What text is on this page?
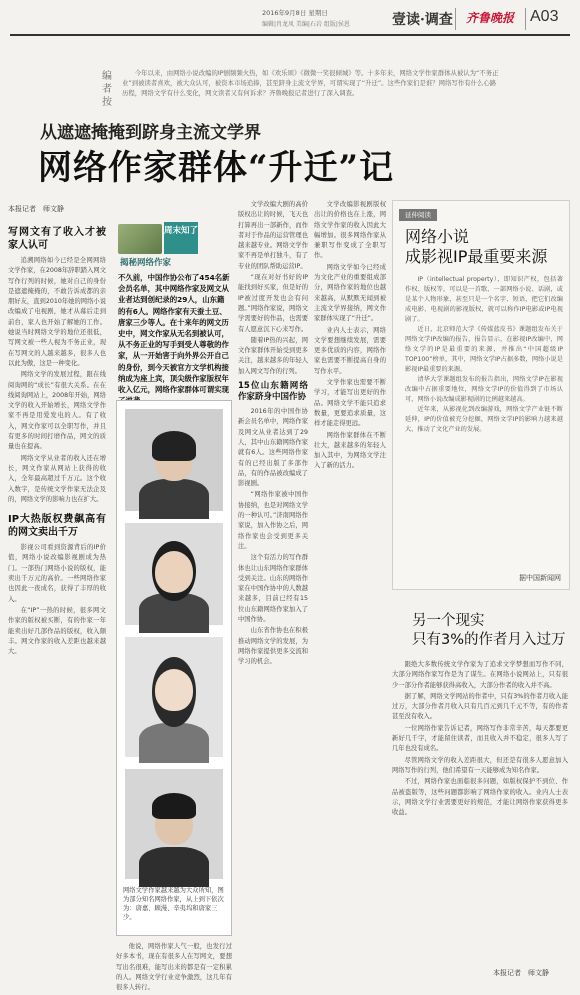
2016年9月8日 星期日
编辑|肖龙凤 美编|石岩 组版|侯恩	壹读·调查 齐鲁晚报 A03
编者按
今年以来，由网络小说改编的IP剧频频火热，如《欢乐颂》《微微一笑很倾城》等。十多年来，网络文学作家群体从被认为“不务正业”到被读者喜欢，被大众认可，被资本市场追捧，甚至跻身主流文学界，可谓实现了“升迁”。这些作家们是谁？网络写作有什么心路历程，网络文学有什么变化，网文读者又有何诉求？齐鲁晚报记者进行了深入调查。
从遮遮掩掩到跻身主流文学界
网络作家群体“升迁”记
本报记者　师文静
写网文有了收入才被家人认可

追溯网络如今已经是全网网络文学作家，在2008年辞职踏入网文写作行列的时候，她对自己的身份是遮遮掩掩的，不敢告诉成都的亲朋好友，直到2010年她的网络小说改编成了电视剧，她才从幕后走到前台，家人也开始了解她的工作。她说当时网络文学的地位还很低，写网文被一些人视为不务正业，现在写网文的人越来越多，很多人也以此为傲，这是一种变化。

网络文学的发展过程，跟在线阅询网的“成长”有很大关系。在在线阅询网站上，2008年开始，网络文学的收入开始增长，网络文学作家不再是用爱发电的人。有了收入，网文作家可以全职写作，并且有更多的时间打磨作品，网文的质量也在提高。

网络文学从业者的收入还在增长，网文作家从网站上获得的收入，全年最高超过千万元。这个收入数字，是传统文学作家无法企及的，网络文学的影响力也在扩大。

IP大热版权费飙高有的网文卖出千万

影视公司看到资源背后的IP价值，网络小说改编影视剧成为热门。一部热门网络小说的版权，能卖出千万元的高价。一些网络作家也因此一夜成名，获得了丰厚的收入。

在“IP”一热的时候，很多网文作家的版权被买断，有的作家一年能卖出好几部作品的版权，收入颇丰。网文作家的收入差距也越来越大。

周末知了
揭秘网络作家
不久前，中国作协公布了454名新会员名单，其中网络作家及网文从业者达到创纪录的29人，山东籍的有6人。网络作家有天蚕土豆、唐家三少等人。在十来年的网文历史中，网文作家从无名到被认可，从不务正业的写手到受人尊敬的作家，从一开始害于向外界公开自己的身份，到今天被官方文学机构接纳成为座上宾，顶尖级作家版权年收入亿元，网络作家群体可谓实现
网络文学作家越来越为大众所知，图为部分知名网络作家，从上到下依次为：唐嘉、顾漫、辛夷坞和唐家三少。

文学改编大剧的高价版权出让的时候，飞天也打算再出一部新作，而作者对于作品的运营管理也越来越专业。网络文学作家不再是单打独斗，有了专业的团队帮助运营IP。

“现在对好书好的IP能找到好买家，但是好的IP被过度开发也会有问题。”网络作家说，网络文学需要好的作品，也需要有人愿意沉下心来写作。

随着IP热的兴起，网文作家群体开始受到更多关注，越来越多的年轻人加入网文写作的行列。

15位山东籍网络作家跻身中国作协

2016年的中国作协新会员名单中，网络作家及网文从业者达到了29人，其中山东籍网络作家就有6人。这些网络作家有的已经出版了多部作品，有的作品被改编成了影视剧。

“网络作家被中国作协接纳，也是对网络文学的一种认可。”济南网络作家说，加入作协之后，网络作家也会受到更多关注。

这个有活力的写作群体也让山东网络作家群体受到关注。山东的网络作家在中国作协中的人数越来越多，目前已经有15位山东籍网络作家加入了中国作协。

山东省作协也在积极推动网络文学的发展，为网络作家提供更多交流和学习的机会。

文学改编影视剧版权出让的价格也在上涨，网络文学作家的收入因此大幅增加。很多网络作家从兼职写作变成了全职写作。

网络文学如今已经成为文化产业的重要组成部分，网络作家的地位也越来越高，从默默无闻到被主流文学界接纳，网文作家群体实现了“升迁”。

业内人士表示，网络文学要想继续发展，需要更多优质的内容，网络作家也需要不断提高自身的写作水平。

文学作家也需要不断学习，才能写出更好的作品。网络文学不能只追求数量，更要追求质量，这样才能走得更远。

网络作家群体在不断壮大，越来越多的年轻人加入其中，为网络文学注入了新的活力。

他说，网络作家人气一般，也发行过好多本书，现在有很多人在写网文，要想写出名很难，能写出来的都是有一定积累的人。网络文学行业竞争激烈，这几年有很多人转行。

延伸阅读
网络小说
成影视IP最重要来源

IP（intellectual property），即知识产权，包括著作权、版权等，可以是一首歌、一部网络小说、话剧，或是某个人物形象，甚至只是一个名字、短语，把它们改编成电影、电视剧的影视版权，就可以称作IP电影或IP电视剧了。

近日，北京师范大学《传媒蓝皮书》课题组发布关于网络文学IP改编的报告，报告显示，在影视IP改编中，网络文学的IP是最重要的来源，并推出“中国超级IP TOP100”榜单，其中，网络文学IP占据多数，网络小说是影视IP最重要的来源。

清华大学课题组发布的报告指出，网络文学IP在影视改编中占据重要地位，网络文学IP的价值得到了市场认可，网络小说改编成影视剧的比例越来越高。

近年来，从影视化到改编游戏，网络文学产业链不断延伸，IP的价值被充分挖掘，网络文学IP的影响力越来越大，推动了文化产业的发展。

据中国新闻网
另一个现实
只有3%的作者月入过万

跟绝大多数传统文学作家为了追求文学梦想而写作不同，大部分网络作家写作是为了谋生。在网络小说网站上，只有很少一部分作者能够获得高收入，大部分作者的收入并不高。

据了解，网络文学网站的作者中，只有3%的作者月收入能过万，大部分作者月收入只有几百元到几千元不等，有的作者甚至没有收入。

一位网络作家告诉记者，网络写作非常辛苦，每天都要更新好几千字，才能留住读者，而且收入并不稳定，很多人写了几年也没有成名。

尽管网络文学的收入差距很大，但还是有很多人愿意加入网络写作的行列，他们希望有一天能够成为知名作家。

不过，网络作家也面临很多问题，如版权保护不到位、作品被盗版等，这些问题都影响了网络作家的收入。业内人士表示，网络文学行业需要更好的规范，才能让网络作家获得更多收益。

本报记者　师文静
